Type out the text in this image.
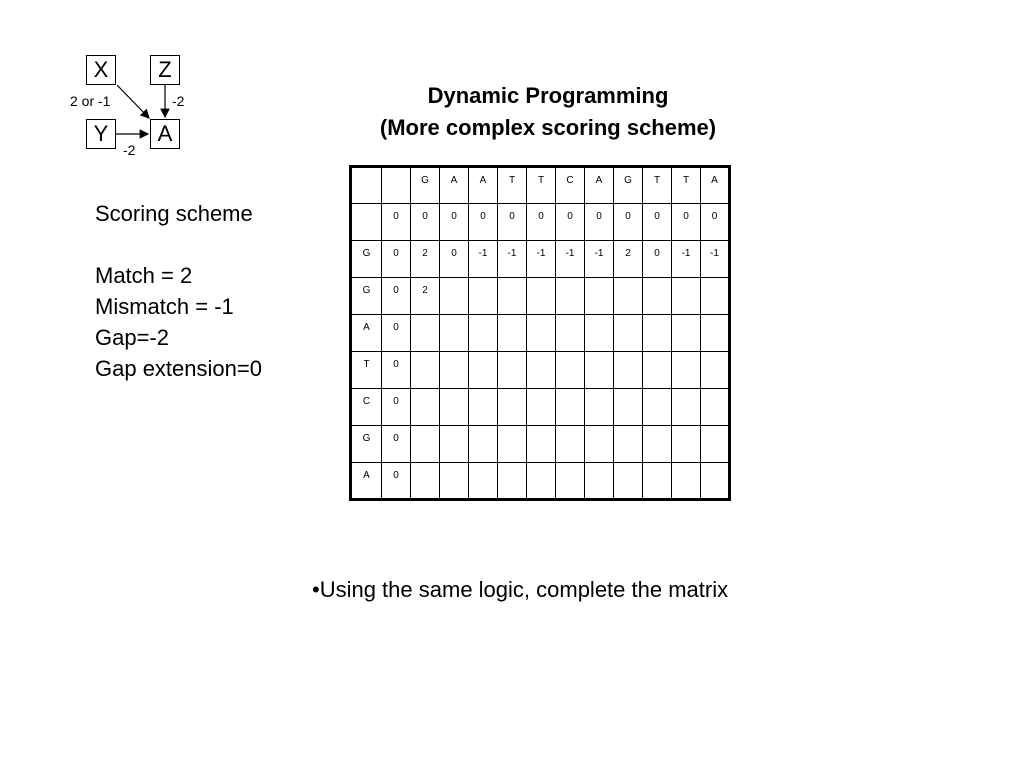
X	Z
Y	A
2 or -1	-2
-2
Dynamic Programming
(More complex scoring scheme)
Scoring scheme
Match = 2
Mismatch = -1
Gap=-2
Gap extension=0
		G	A	A	T	T	C	A	G	T	T	A
	0	0	0	0	0	0	0	0	0	0	0	0
G	0	2	0	-1	-1	-1	-1	-1	2	0	-1	-1
G	0	2										
A	0											
T	0											
C	0											
G	0											
A	0											
•Using the same logic, complete the matrix
